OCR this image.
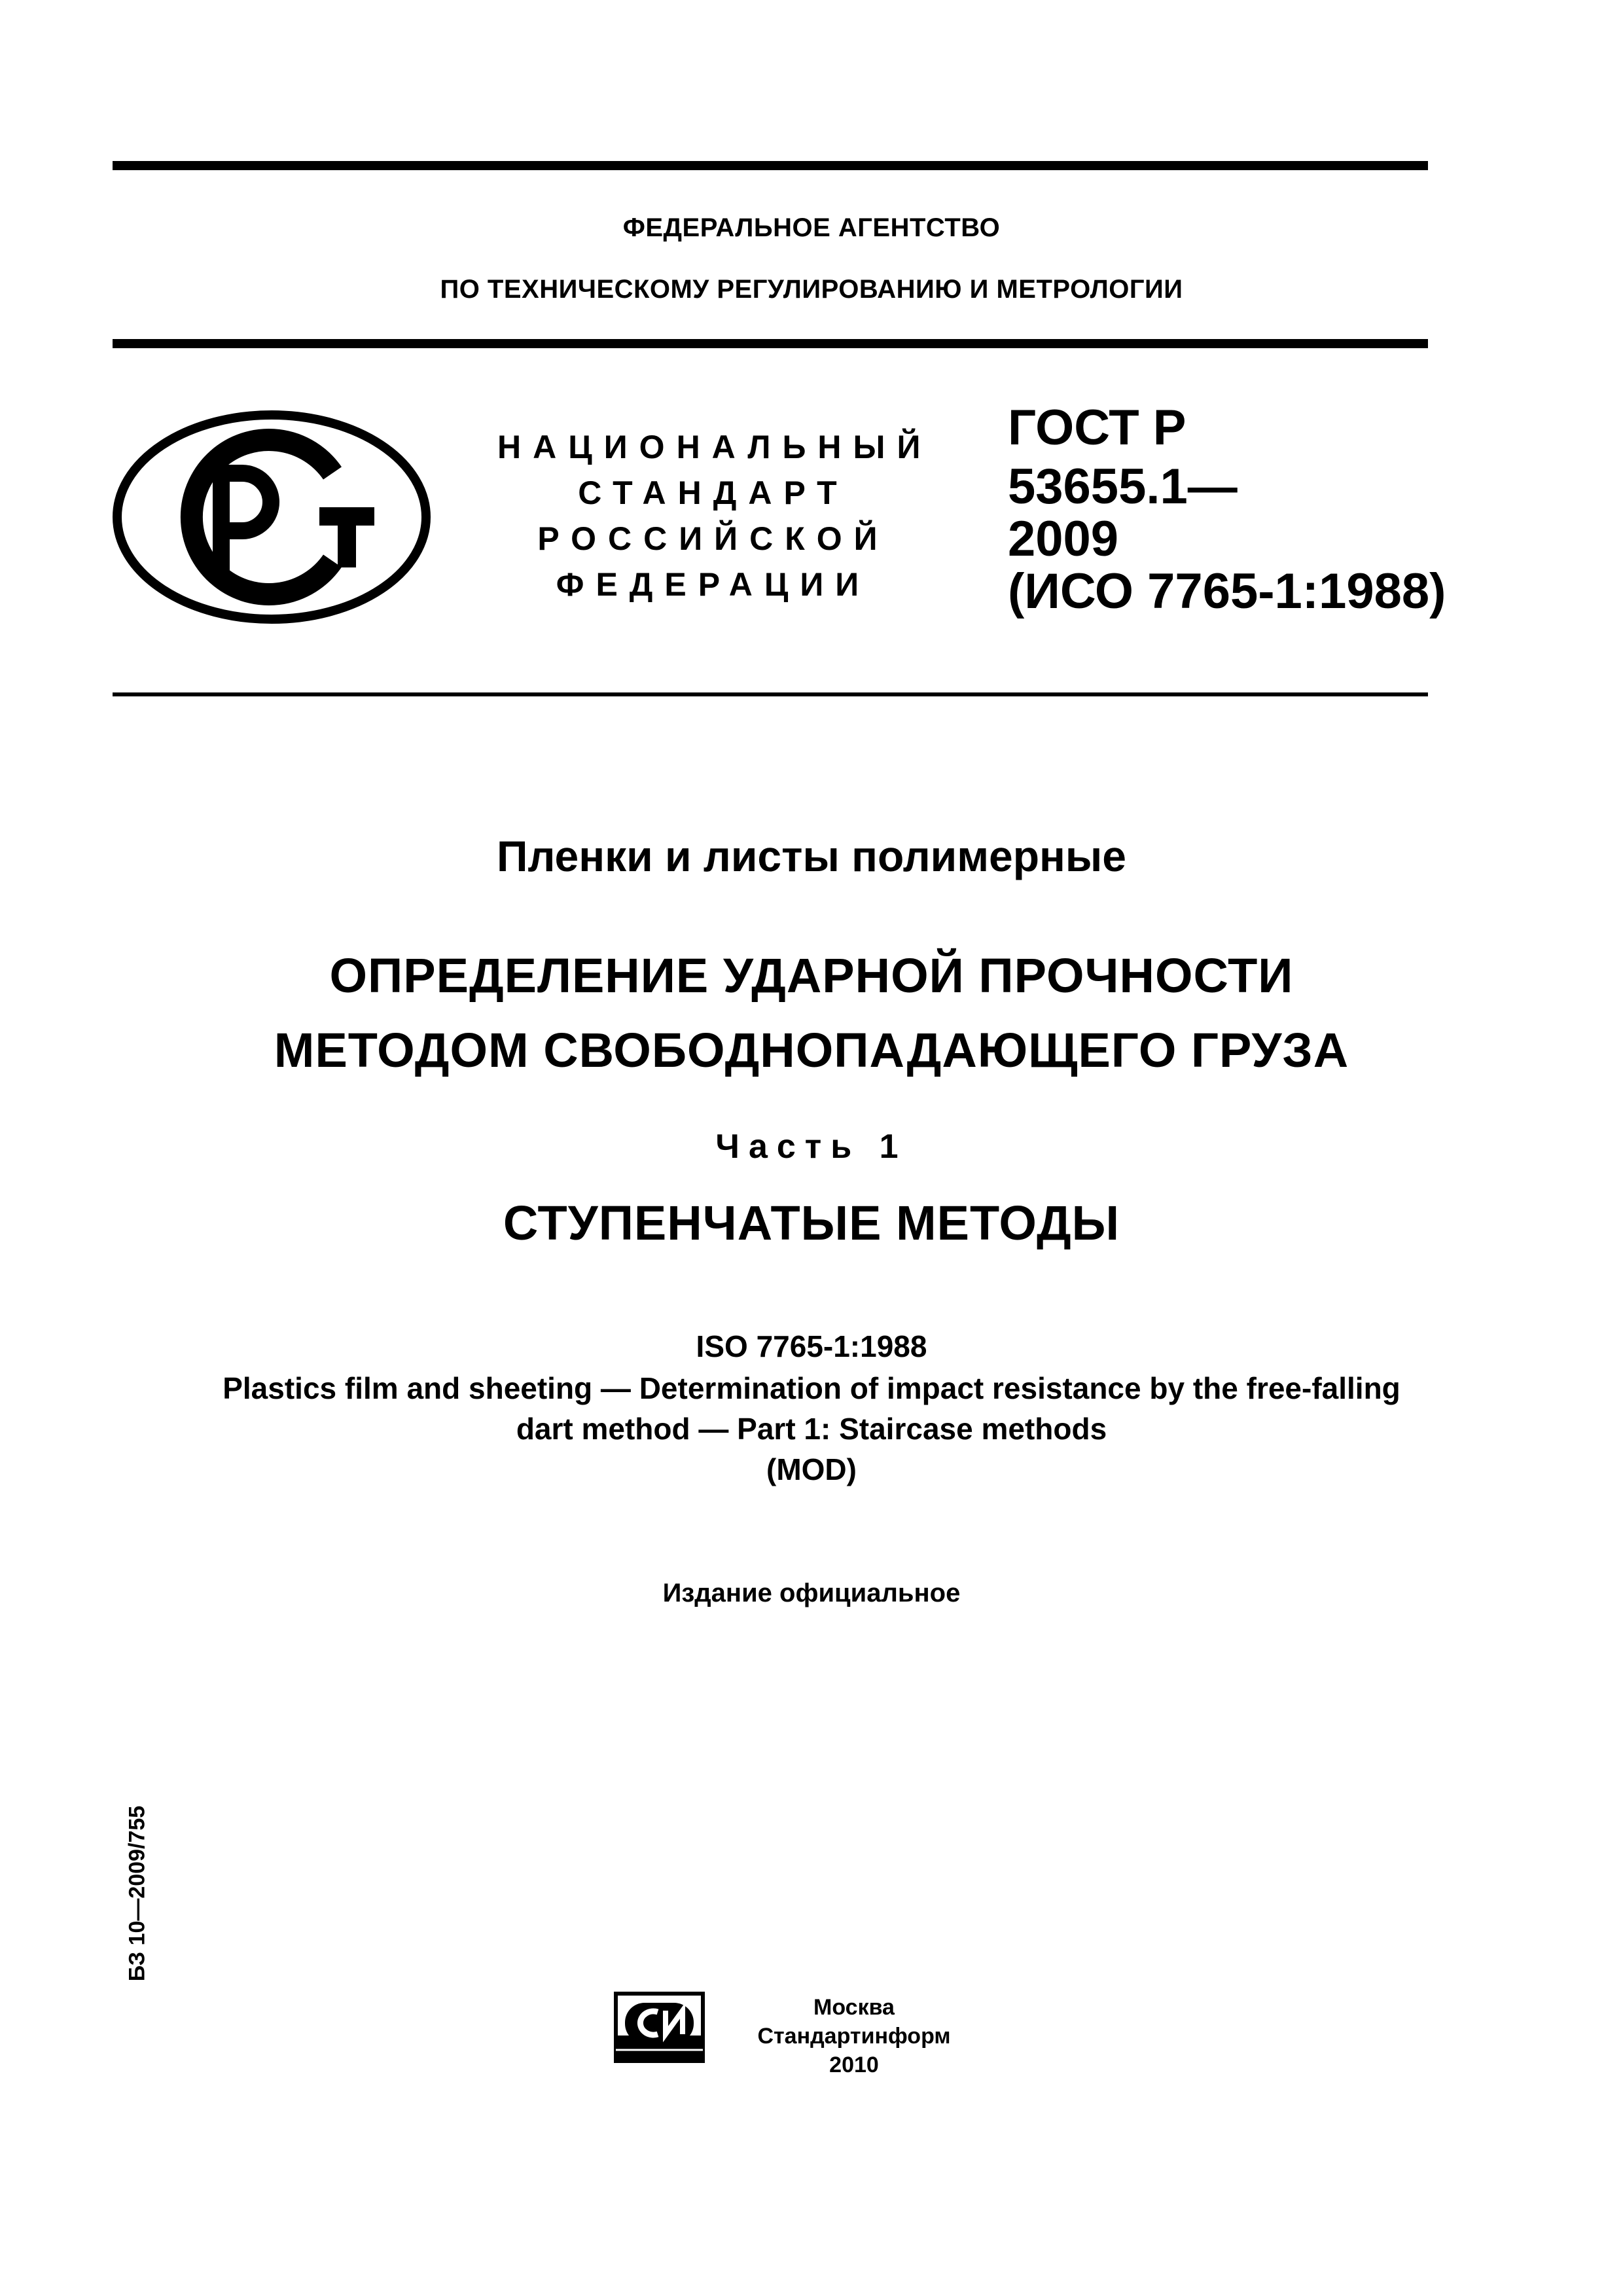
ФЕДЕРАЛЬНОЕ АГЕНТСТВО
ПО ТЕХНИЧЕСКОМУ РЕГУЛИРОВАНИЮ И МЕТРОЛОГИИ
НАЦИОНАЛЬНЫЙ
СТАНДАРТ
РОССИЙСКОЙ
ФЕДЕРАЦИИ
ГОСТ Р
53655.1—
2009
(ИСО 7765-1:1988)
Пленки и листы полимерные
ОПРЕДЕЛЕНИЕ УДАРНОЙ ПРОЧНОСТИ
МЕТОДОМ СВОБОДНОПАДАЮЩЕГО ГРУЗА
Часть 1
СТУПЕНЧАТЫЕ МЕТОДЫ
ISO 7765-1:1988
Plastics film and sheeting — Determination of impact resistance by the free-falling
dart method — Part 1: Staircase methods
(MOD)
Издание официальное
БЗ 10—2009/755
Москва
Стандартинформ
2010
